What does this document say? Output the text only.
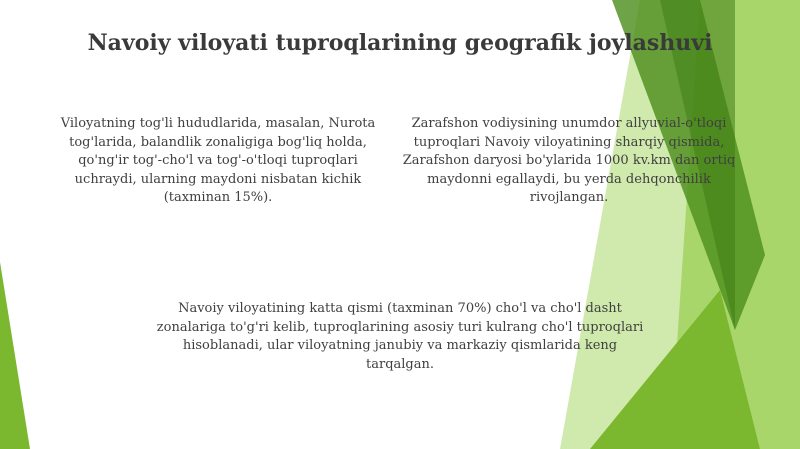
Navoiy viloyati tuproqlarining geografik joylashuvi

Viloyatning tog'li hududlarida, masalan, Nurota tog'larida, balandlik zonaligiga bog'liq holda, qo'ng'ir tog'-cho'l va tog'-o'tloqi tuproqlari uchraydi, ularning maydoni nisbatan kichik (taxminan 15%).

Zarafshon vodiysining unumdor allyuvial-o'tloqi tuproqlari Navoiy viloyatining sharqiy qismida, Zarafshon daryosi bo'ylarida 1000 kv.km dan ortiq maydonni egallaydi, bu yerda dehqonchilik rivojlangan.

Navoiy viloyatining katta qismi (taxminan 70%) cho'l va cho'l dasht zonalariga to'g'ri kelib, tuproqlarining asosiy turi kulrang cho'l tuproqlari hisoblanadi, ular viloyatning janubiy va markaziy qismlarida keng tarqalgan.
